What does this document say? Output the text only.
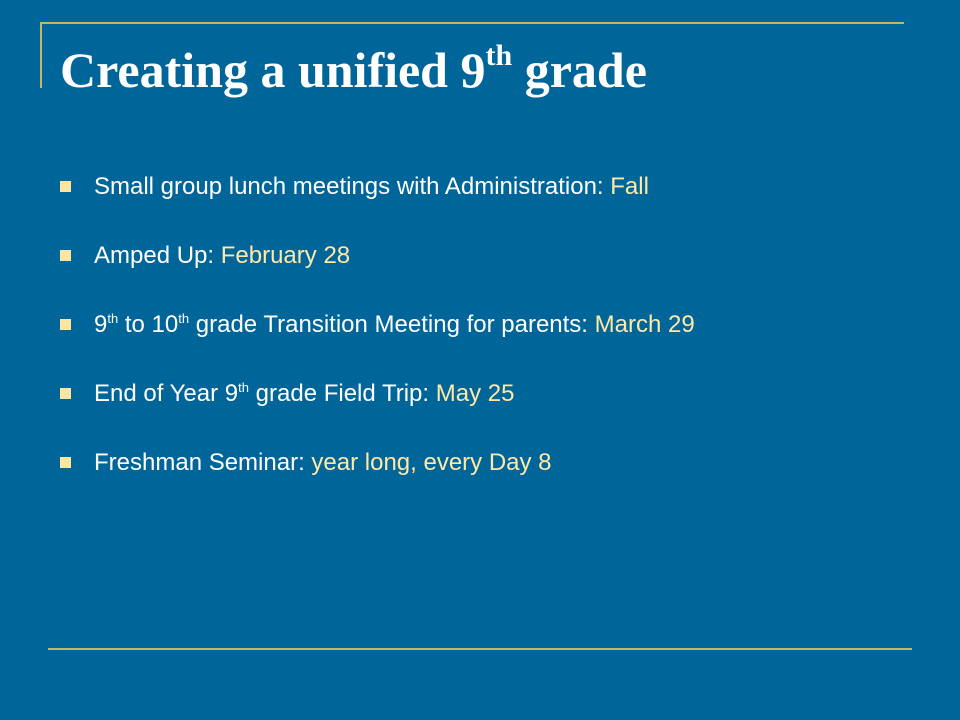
Creating a unified 9th grade
Small group lunch meetings with Administration: Fall
Amped Up: February 28
9th to 10th grade Transition Meeting for parents: March 29
End of Year 9th grade Field Trip: May 25
Freshman Seminar: year long, every Day 8
